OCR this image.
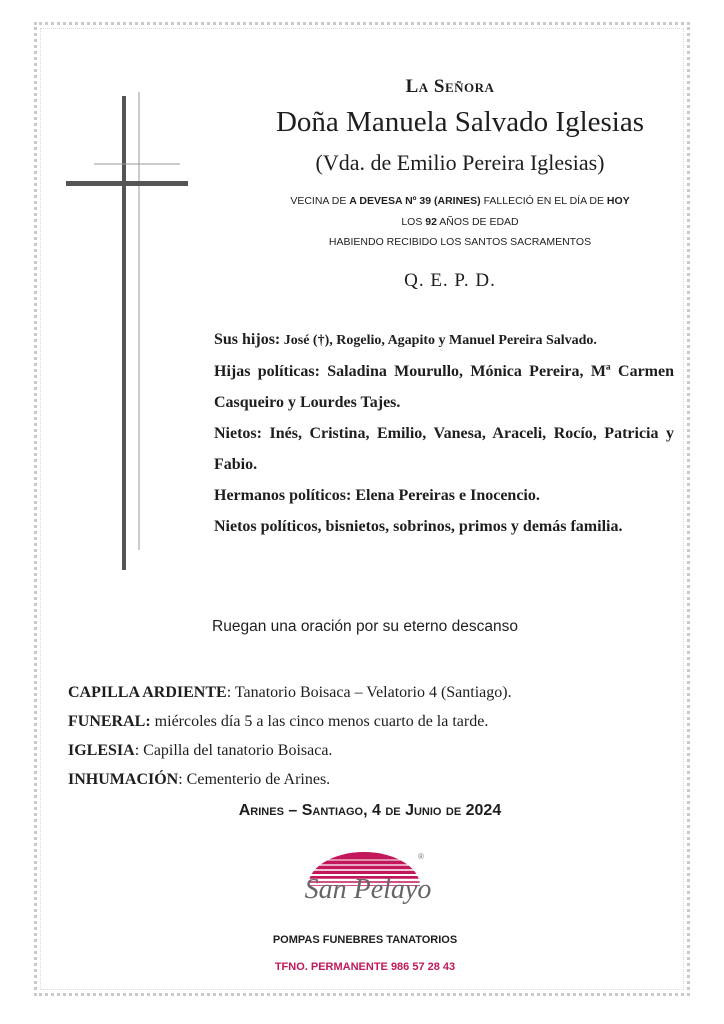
La Señora
Doña Manuela Salvado Iglesias
(Vda. de Emilio Pereira Iglesias)
VECINA DE A DEVESA Nº 39 (ARINES) FALLECIÓ EN EL DÍA DE HOY
LOS 92 AÑOS DE EDAD
HABIENDO RECIBIDO LOS SANTOS SACRAMENTOS
Q. E. P. D.

Sus hijos: José (†), Rogelio, Agapito y Manuel Pereira Salvado.

Hijas políticas: Saladina Mourullo, Mónica Pereira, Mª Carmen Casqueiro y Lourdes Tajes.

Nietos: Inés, Cristina, Emilio, Vanesa, Araceli, Rocío, Patricia y Fabio.

Hermanos políticos: Elena Pereiras e Inocencio.

Nietos políticos, bisnietos, sobrinos, primos y demás familia.

Ruegan una oración por su eterno descanso

CAPILLA ARDIENTE: Tanatorio Boisaca – Velatorio 4 (Santiago).

FUNERAL: miércoles día 5 a las cinco menos cuarto de la tarde.

IGLESIA: Capilla del tanatorio Boisaca.

INHUMACIÓN: Cementerio de Arines.

Arines – Santiago, 4 de Junio de 2024
San Pelayo
®
POMPAS FUNEBRES TANATORIOS
TFNO. PERMANENTE 986 57 28 43
